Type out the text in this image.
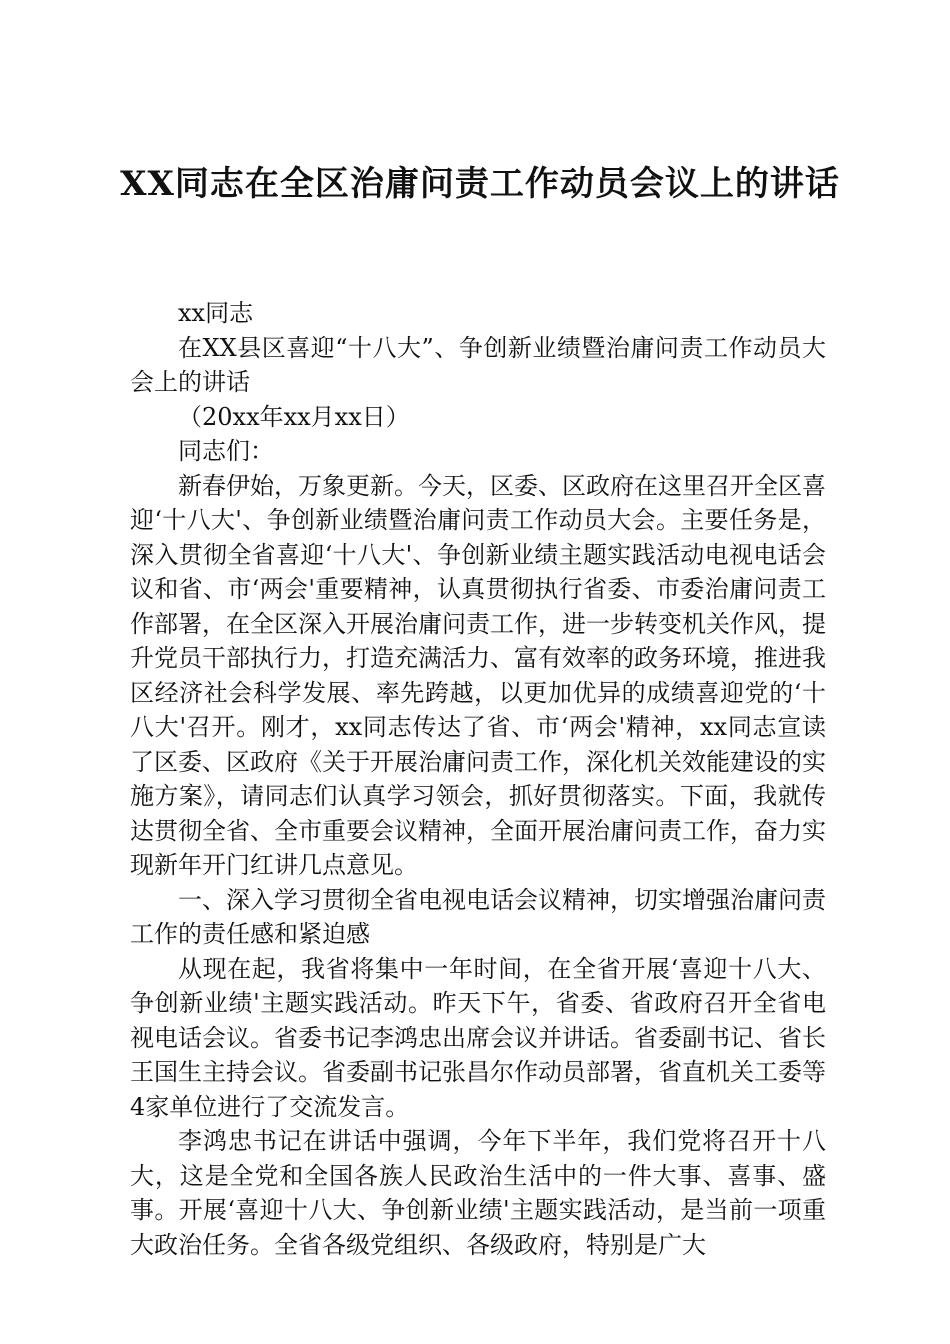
XX同志在全区治庸问责工作动员会议上的讲话

xx同志

在XX县区喜迎“十八大”、争创新业绩暨治庸问责工作动员大会上的讲话

（20xx年xx月xx日）

同志们：

新春伊始，万象更新。今天，区委、区政府在这里召开全区喜迎‘十八大'、争创新业绩暨治庸问责工作动员大会。主要任务是，深入贯彻全省喜迎‘十八大'、争创新业绩主题实践活动电视电话会议和省、市‘两会'重要精神，认真贯彻执行省委、市委治庸问责工作部署，在全区深入开展治庸问责工作，进一步转变机关作风，提升党员干部执行力，打造充满活力、富有效率的政务环境，推进我区经济社会科学发展、率先跨越，以更加优异的成绩喜迎党的‘十八大'召开。刚才，xx同志传达了省、市‘两会'精神，xx同志宣读了区委、区政府《关于开展治庸问责工作，深化机关效能建设的实施方案》，请同志们认真学习领会，抓好贯彻落实。下面，我就传达贯彻全省、全市重要会议精神，全面开展治庸问责工作，奋力实现新年开门红讲几点意见。

一、深入学习贯彻全省电视电话会议精神，切实增强治庸问责工作的责任感和紧迫感

从现在起，我省将集中一年时间，在全省开展‘喜迎十八大、争创新业绩'主题实践活动。昨天下午，省委、省政府召开全省电视电话会议。省委书记李鸿忠出席会议并讲话。省委副书记、省长王国生主持会议。省委副书记张昌尔作动员部署，省直机关工委等4家单位进行了交流发言。

李鸿忠书记在讲话中强调，今年下半年，我们党将召开十八大，这是全党和全国各族人民政治生活中的一件大事、喜事、盛事。开展‘喜迎十八大、争创新业绩'主题实践活动，是当前一项重大政治任务。全省各级党组织、各级政府，特别是广大
